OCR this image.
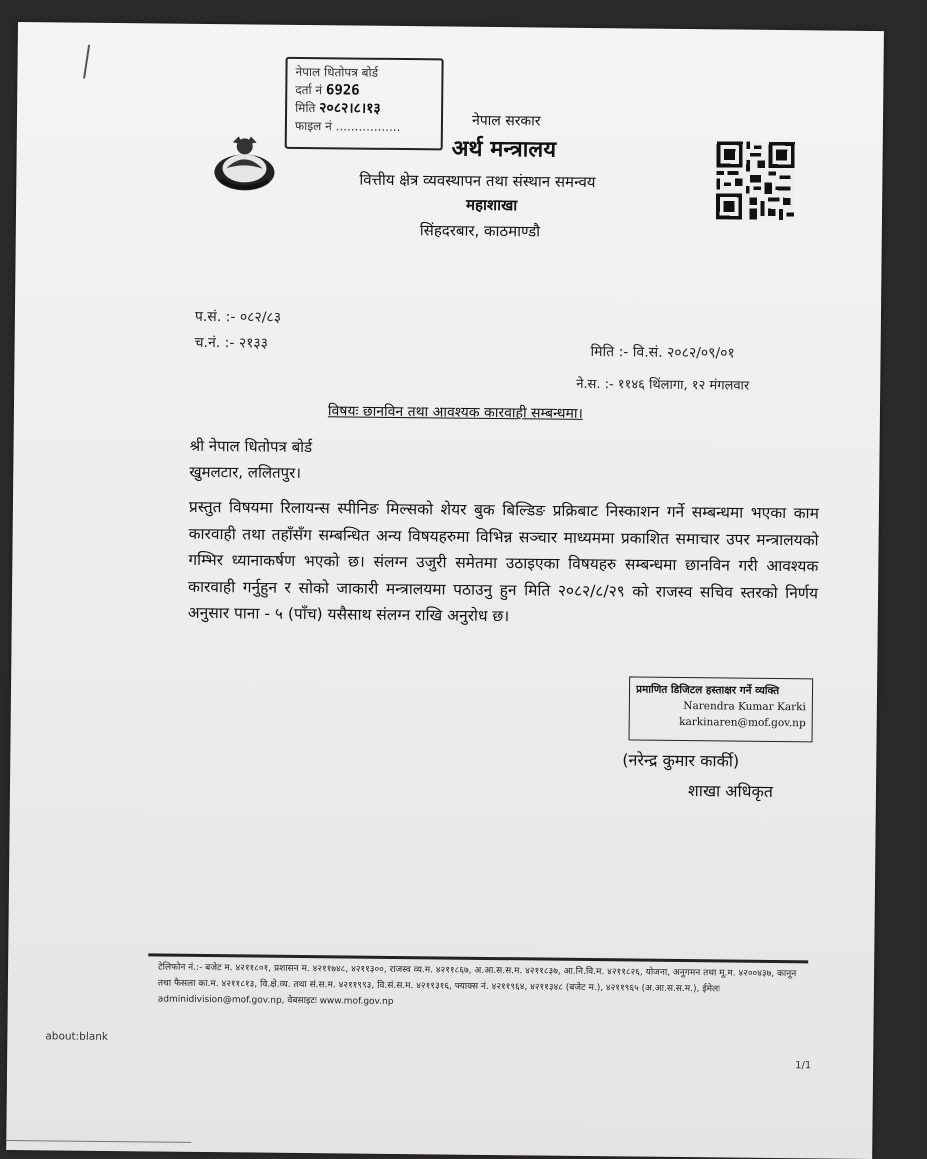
नेपाल धितोपत्र बोर्ड
दर्ता नं 6926
मिति २०८२।८।१३
फाइल नं .................	नेपाल सरकार
अर्थ मन्त्रालय
वित्तीय क्षेत्र व्यवस्थापन तथा संस्थान समन्वय
महाशाखा
सिंहदरबार, काठमाण्डौ
प.सं. :- ०८२/८३
च.नं. :- २१३३
मिति :- वि.सं. २०८२/०९/०१
ने.स. :- ११४६ थिंलागा, १२ मंगलवार
विषयः छानविन तथा आवश्यक कारवाही सम्बन्धमा।
श्री नेपाल धितोपत्र बोर्ड
खुमलटार, ललितपुर।
प्रस्तुत विषयमा रिलायन्स स्पीनिङ मिल्सको शेयर बुक बिल्डिङ प्रक्रिबाट निस्काशन गर्ने सम्बन्धमा भएका काम कारवाही तथा तहाँसँग सम्बन्धित अन्य विषयहरुमा विभिन्न सञ्चार माध्यममा प्रकाशित समाचार उपर मन्त्रालयको गम्भिर ध्यानाकर्षण भएको छ। संलग्न उजुरी समेतमा उठाइएका विषयहरु सम्बन्धमा छानविन गरी आवश्यक कारवाही गर्नुहुन र सोको जाकारी मन्त्रालयमा पठाउनु हुन मिति २०८२/८/२९ को राजस्व सचिव स्तरको निर्णय अनुसार पाना - ५ (पाँच) यसैसाथ संलग्न राखि अनुरोध छ।
प्रमाणित डिजिटल हस्ताक्षर गर्ने व्यक्ति
Narendra Kumar Karki
karkinaren@mof.gov.np
(नरेन्द्र कुमार कार्की)
शाखा अधिकृत
टेलिफोन नं.:- बजेट म. ४२११८०१, प्रशासन म. ४२११७४८, ४२११३००, राजस्व व्य.म. ४२११८६७, अ.आ.स.स.म. ४२११८३७, आ.नि.वि.म. ४२११८२६, योजना, अनुगमन तथा मू.म. ४२००४३७, कानून तथा फैसला का.म. ४२११८१३, वि.क्षे.व्य. तथा सं.स.म. ४२११९९३, वि.सं.स.म. ४२११३१६, फ्याक्स नं. ४२११९६४, ४२११३४८ (बजेट म.), ४२११९६५ (अ.आ.स.स.म.), ईमेलः adminidivision@mof.gov.np, वेबसाइटः www.mof.gov.np
about:blank
1/1
